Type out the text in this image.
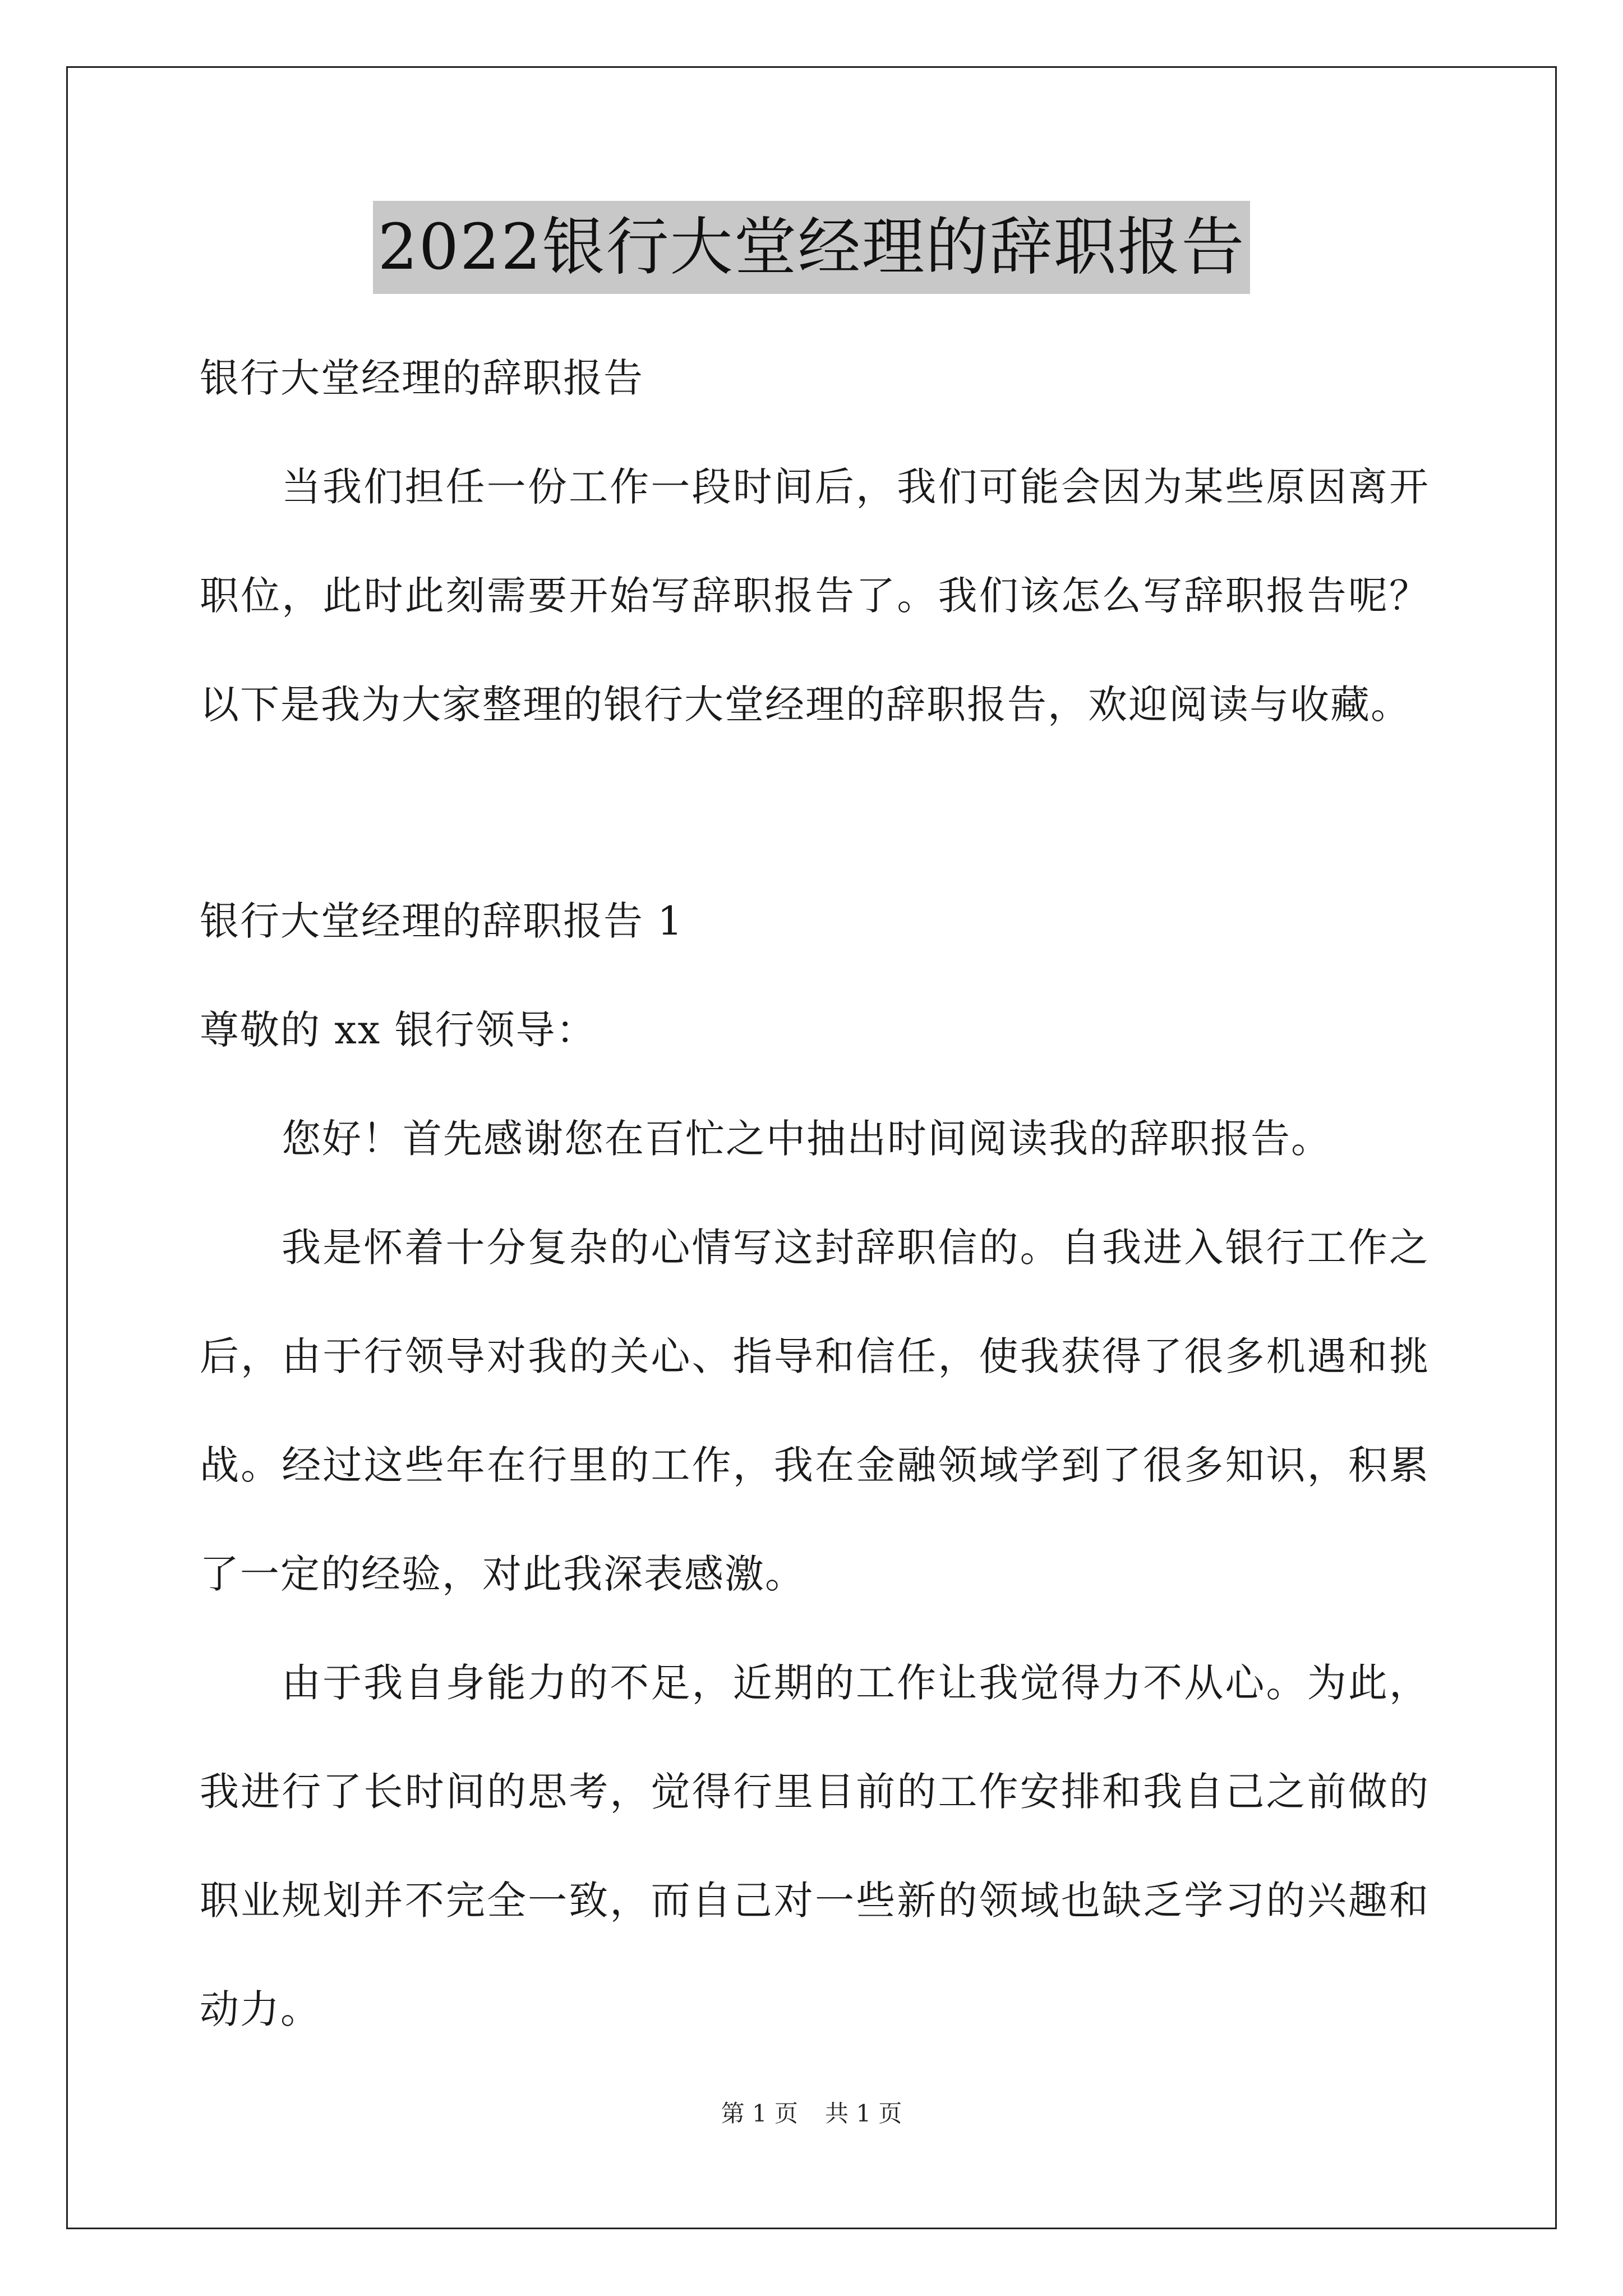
2022银行大堂经理的辞职报告
银行大堂经理的辞职报告
当我们担任一份工作一段时间后，我们可能会因为某些原因离开
职位，此时此刻需要开始写辞职报告了。我们该怎么写辞职报告呢？
以下是我为大家整理的银行大堂经理的辞职报告，欢迎阅读与收藏。
银行大堂经理的辞职报告 1
尊敬的 xx 银行领导：
您好！首先感谢您在百忙之中抽出时间阅读我的辞职报告。
我是怀着十分复杂的心情写这封辞职信的。自我进入银行工作之
后，由于行领导对我的关心、指导和信任，使我获得了很多机遇和挑
战。经过这些年在行里的工作，我在金融领域学到了很多知识，积累
了一定的经验，对此我深表感激。
由于我自身能力的不足，近期的工作让我觉得力不从心。为此，
我进行了长时间的思考，觉得行里目前的工作安排和我自己之前做的
职业规划并不完全一致，而自己对一些新的领域也缺乏学习的兴趣和
动力。
第 1 页 共 1 页
